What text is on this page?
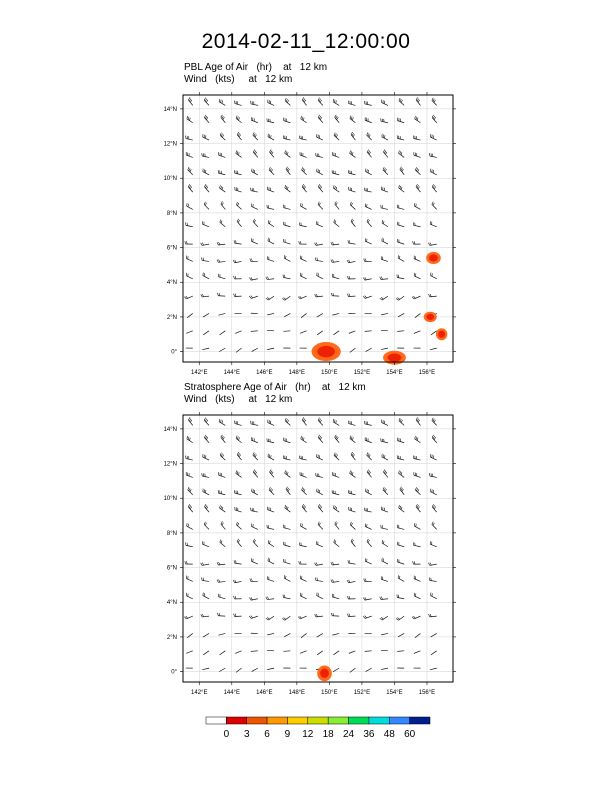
2014-02-11_12:00:00
PBL Age of Air   (hr)    at   12 km
Wind   (kts)     at   12 km
Stratosphere Age of Air   (hr)    at   12 km
Wind   (kts)     at   12 km
142°E	144°E	146°E	148°E	150°E	152°E	154°E	156°E
0°
2°N
4°N
6°N
8°N
10°N
12°N
14°N
142°E	144°E	146°E	148°E	150°E	152°E	154°E	156°E
0°
2°N
4°N
6°N
8°N
10°N
12°N
14°N
0 3 6 9 12 18 24 36 48 60
